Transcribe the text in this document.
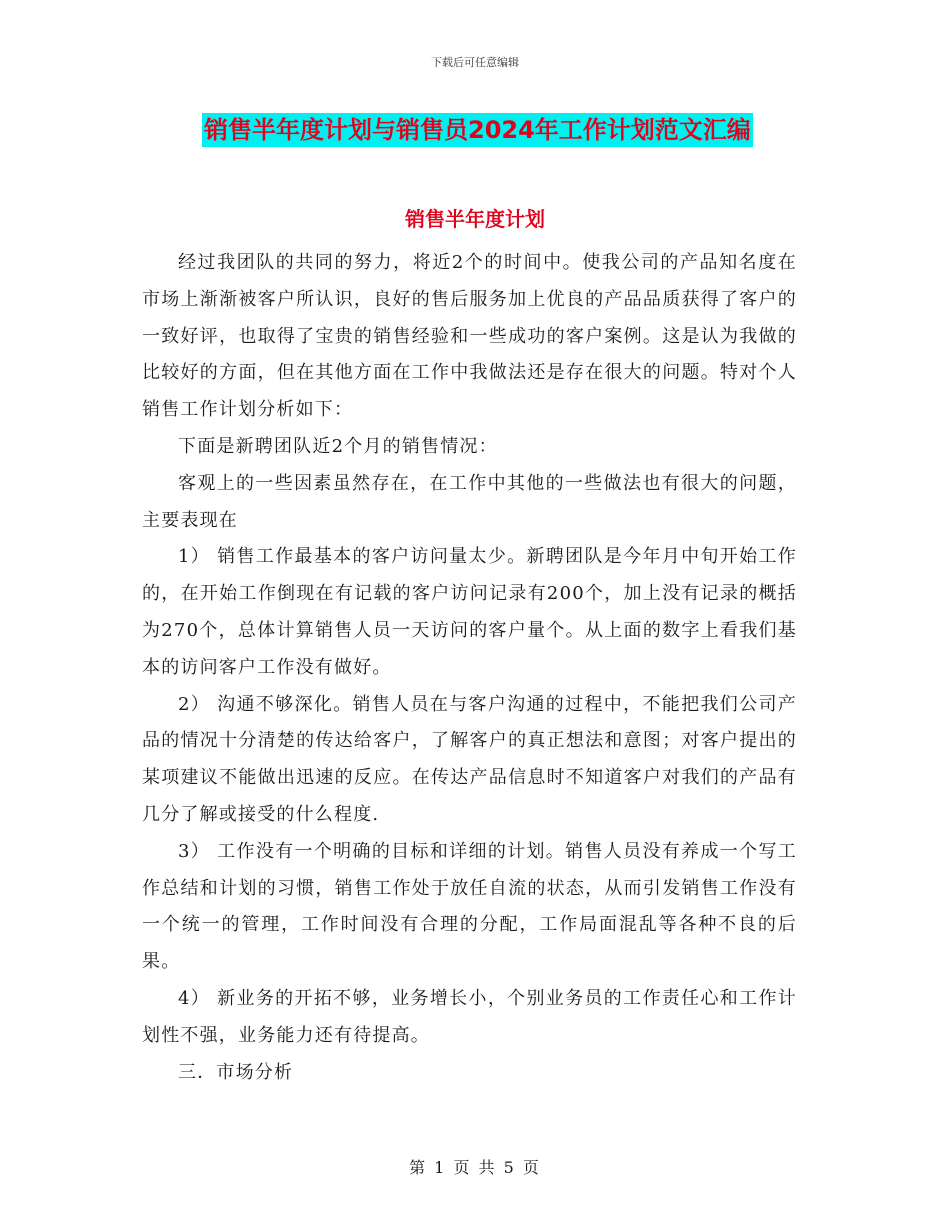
下载后可任意编辑
销售半年度计划与销售员2024年工作计划范文汇编
销售半年度计划

经过我团队的共同的努力，将近2个的时间中。使我公司的产品知名度在市场上渐渐被客户所认识，良好的售后服务加上优良的产品品质获得了客户的一致好评，也取得了宝贵的销售经验和一些成功的客户案例。这是认为我做的比较好的方面，但在其他方面在工作中我做法还是存在很大的问题。特对个人销售工作计划分析如下：

下面是新聘团队近2个月的销售情况：

客观上的一些因素虽然存在，在工作中其他的一些做法也有很大的问题，主要表现在

1） 销售工作最基本的客户访问量太少。新聘团队是今年月中旬开始工作的，在开始工作倒现在有记载的客户访问记录有200个，加上没有记录的概括为270个，总体计算销售人员一天访问的客户量个。从上面的数字上看我们基本的访问客户工作没有做好。

2） 沟通不够深化。销售人员在与客户沟通的过程中，不能把我们公司产品的情况十分清楚的传达给客户，了解客户的真正想法和意图；对客户提出的某项建议不能做出迅速的反应。在传达产品信息时不知道客户对我们的产品有几分了解或接受的什么程度.

3） 工作没有一个明确的目标和详细的计划。销售人员没有养成一个写工作总结和计划的习惯，销售工作处于放任自流的状态，从而引发销售工作没有一个统一的管理，工作时间没有合理的分配，工作局面混乱等各种不良的后果。

4） 新业务的开拓不够，业务增长小，个别业务员的工作责任心和工作计划性不强，业务能力还有待提高。

三．市场分析

第 1 页 共 5 页
